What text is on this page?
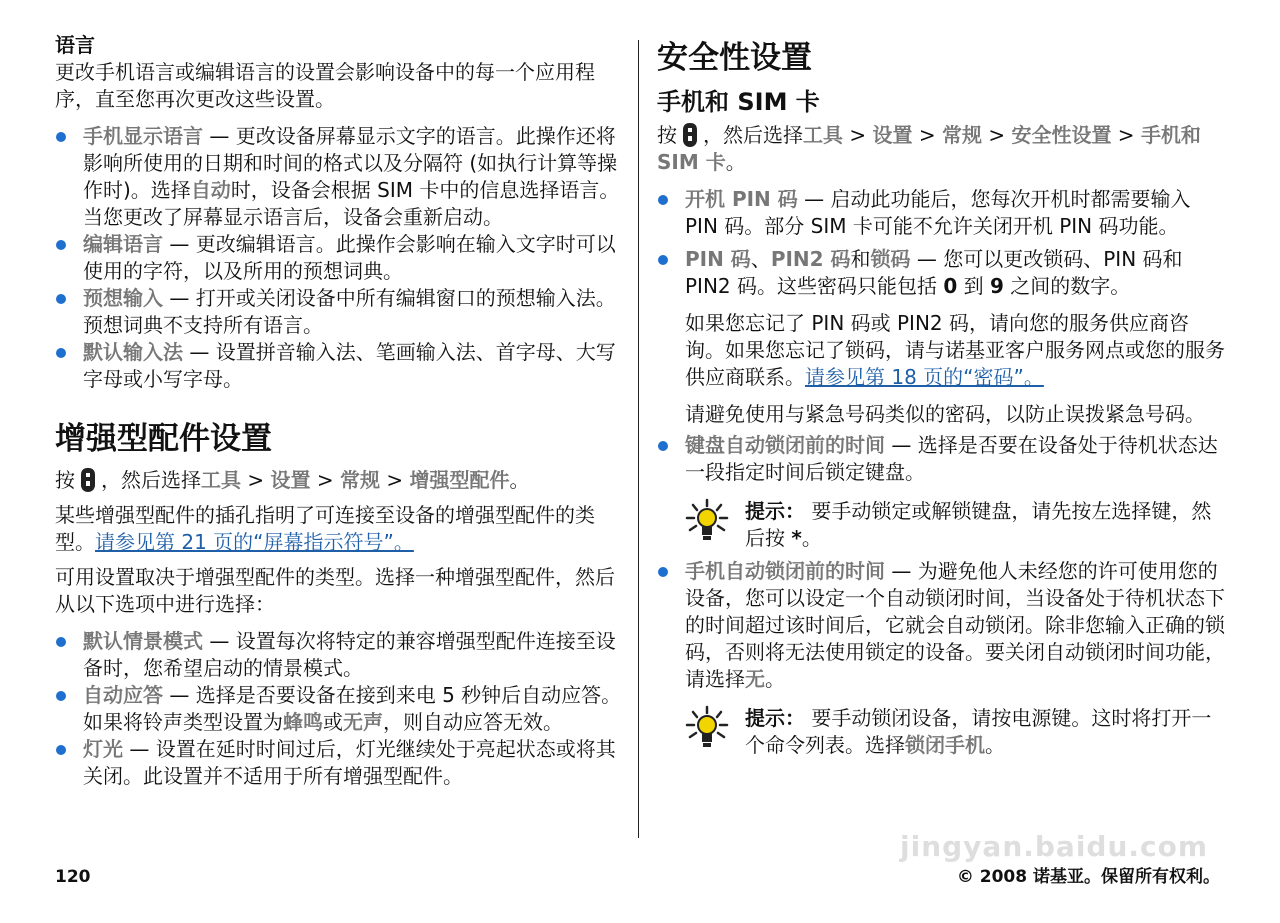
语言

更改手机语言或编辑语言的设置会影响设备中的每一个应用程序，直至您再次更改这些设置。

手机显示语言 — 更改设备屏幕显示文字的语言。此操作还将影响所使用的日期和时间的格式以及分隔符 (如执行计算等操作时)。选择自动时，设备会根据 SIM 卡中的信息选择语言。当您更改了屏幕显示语言后，设备会重新启动。
编辑语言 — 更改编辑语言。此操作会影响在输入文字时可以使用的字符，以及所用的预想词典。
预想输入 — 打开或关闭设备中所有编辑窗口的预想输入法。预想词典不支持所有语言。
默认输入法 — 设置拼音输入法、笔画输入法、首字母、大写字母或小写字母。

增强型配件设置

按 ，然后选择工具 > 设置 > 常规 > 增强型配件。

某些增强型配件的插孔指明了可连接至设备的增强型配件的类型。请参见第 21 页的“屏幕指示符号”。

可用设置取决于增强型配件的类型。选择一种增强型配件，然后从以下选项中进行选择：

默认情景模式 — 设置每次将特定的兼容增强型配件连接至设备时，您希望启动的情景模式。
自动应答 — 选择是否要设备在接到来电 5 秒钟后自动应答。如果将铃声类型设置为蜂鸣或无声，则自动应答无效。
灯光 — 设置在延时时间过后，灯光继续处于亮起状态或将其关闭。此设置并不适用于所有增强型配件。

安全性设置

手机和 SIM 卡

按 ，然后选择工具 > 设置 > 常规 > 安全性设置 > 手机和 SIM 卡。

开机 PIN 码 — 启动此功能后，您每次开机时都需要输入 PIN 码。部分 SIM 卡可能不允许关闭开机 PIN 码功能。
PIN 码、PIN2 码和锁码 — 您可以更改锁码、PIN 码和 PIN2 码。这些密码只能包括 0 到 9 之间的数字。

如果您忘记了 PIN 码或 PIN2 码，请向您的服务供应商咨询。如果您忘记了锁码，请与诺基亚客户服务网点或您的服务供应商联系。请参见第 18 页的“密码”。

请避免使用与紧急号码类似的密码，以防止误拨紧急号码。

键盘自动锁闭前的时间 — 选择是否要在设备处于待机状态达一段指定时间后锁定键盘。
提示： 要手动锁定或解锁键盘，请先按左选择键，然后按 *。
手机自动锁闭前的时间 — 为避免他人未经您的许可使用您的设备，您可以设定一个自动锁闭时间，当设备处于待机状态下的时间超过该时间后，它就会自动锁闭。除非您输入正确的锁码，否则将无法使用锁定的设备。要关闭自动锁闭时间功能，请选择无。
提示： 要手动锁闭设备，请按电源键。这时将打开一个命令列表。选择锁闭手机。
jingyan.baidu.com
120	© 2008 诺基亚。保留所有权利。
